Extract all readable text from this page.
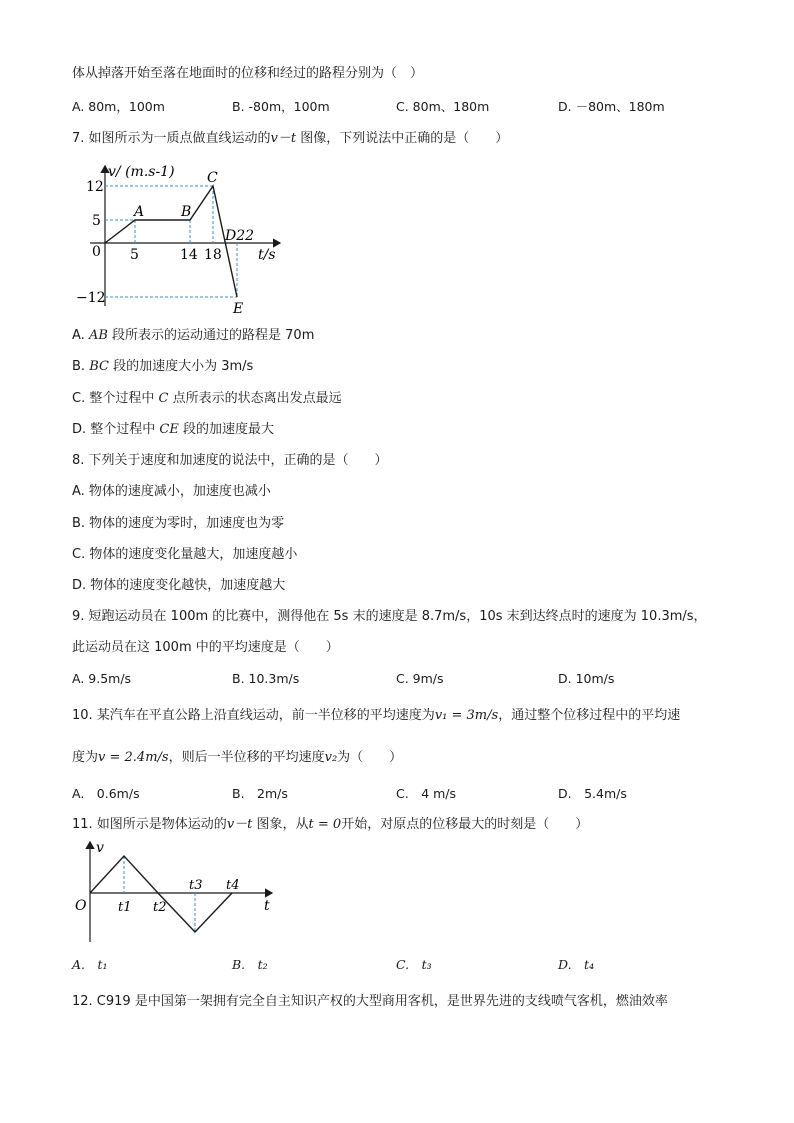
体从掉落开始至落在地面时的位移和经过的路程分别为（　）
A. 80m，100m	B. -80m，100m	C. 80m、180m	D. －80m、180m
7. 如图所示为一质点做直线运动的v－t 图像，下列说法中正确的是（　　）
v/ (m.s-1)
12
5
0
−12
5	14 18	t/s
A	B
C
D22
E
A. AB 段所表示的运动通过的路程是 70m
B. BC 段的加速度大小为 3m/s
C. 整个过程中 C 点所表示的状态离出发点最远
D. 整个过程中 CE 段的加速度最大
8. 下列关于速度和加速度的说法中，正确的是（　　）
A. 物体的速度减小，加速度也减小
B. 物体的速度为零时，加速度也为零
C. 物体的速度变化量越大，加速度越小
D. 物体的速度变化越快，加速度越大
9. 短跑运动员在 100m 的比赛中，测得他在 5s 末的速度是 8.7m/s，10s 末到达终点时的速度为 10.3m/s，
此运动员在这 100m 中的平均速度是（　　）
A. 9.5m/s	B. 10.3m/s	C. 9m/s	D. 10m/s
10. 某汽车在平直公路上沿直线运动，前一半位移的平均速度为v₁ = 3m/s，通过整个位移过程中的平均速
度为v = 2.4m/s，则后一半位移的平均速度v₂为（　　）
A.　0.6m/s	B.　2m/s	C.　4 m/s	D.　5.4m/s
11. 如图所示是物体运动的v－t 图象，从t = 0开始，对原点的位移最大的时刻是（　　）
v
O t1 t2
t3 t4
t
A.　t₁	B.　t₂	C.　t₃	D.　t₄
12. C919 是中国第一架拥有完全自主知识产权的大型商用客机，是世界先进的支线喷气客机，燃油效率
